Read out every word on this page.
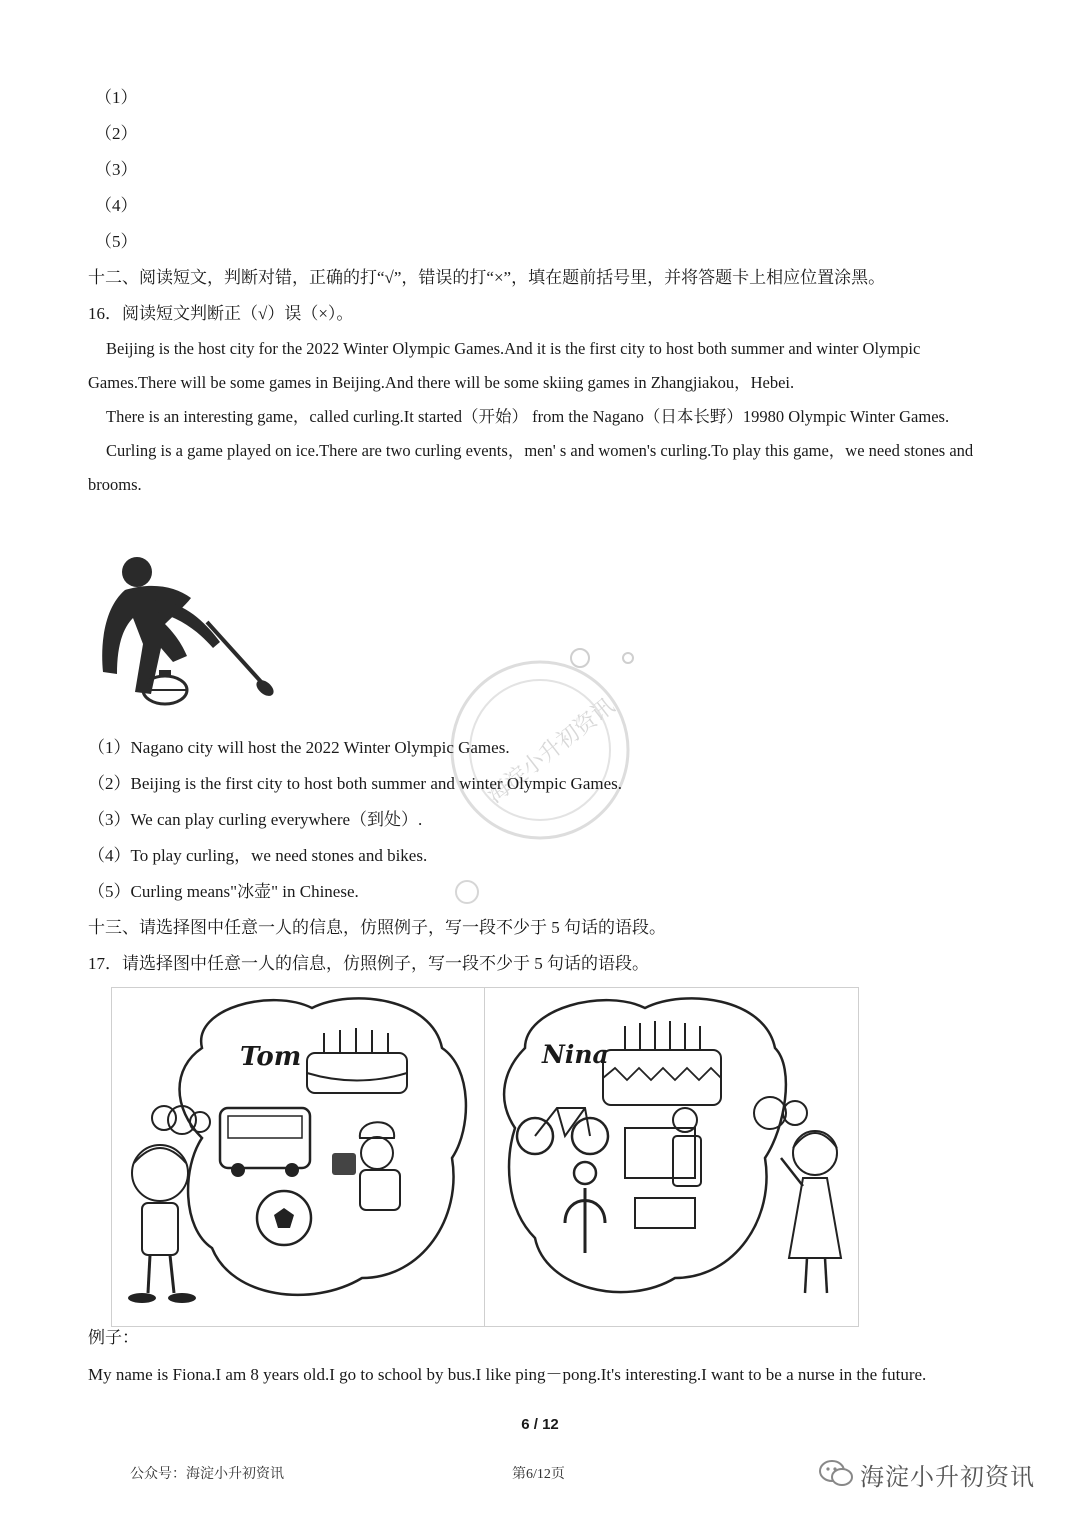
（1）
（2）
（3）
（4）
（5）
十二、阅读短文，判断对错，正确的打“√”，错误的打“×”，填在题前括号里，并将答题卡上相应位置涂黑。
16．阅读短文判断正（√）误（×）。

Beijing is the host city for the 2022 Winter Olympic Games.And it is the first city to host both summer and winter Olympic Games.There will be some games in Beijing.And there will be some skiing games in Zhangjiakou，Hebei.

There is an interesting game，called curling.It started（开始） from the Nagano（日本长野）19980 Olympic Winter Games.

Curling is a game played on ice.There are two curling events，men' s and women's curling.To play this game，we need stones and brooms.

海淀小升初资讯
（1）Nagano city will host the 2022 Winter Olympic Games.
（2）Beijing is the first city to host both summer and winter Olympic Games.
（3）We can play curling everywhere（到处）.
（4）To play curling，we need stones and bikes.
（5）Curling means"冰壶" in Chinese.
十三、请选择图中任意一人的信息，仿照例子，写一段不少于 5 句话的语段。
17．请选择图中任意一人的信息，仿照例子，写一段不少于 5 句话的语段。
Tom	Nina
例子：
My name is Fiona.I am 8 years old.I go to school by bus.I like ping－pong.It's interesting.I want to be a nurse in the future.
6 / 12
公众号：海淀小升初资讯	第6/12页	海淀小升初资讯
